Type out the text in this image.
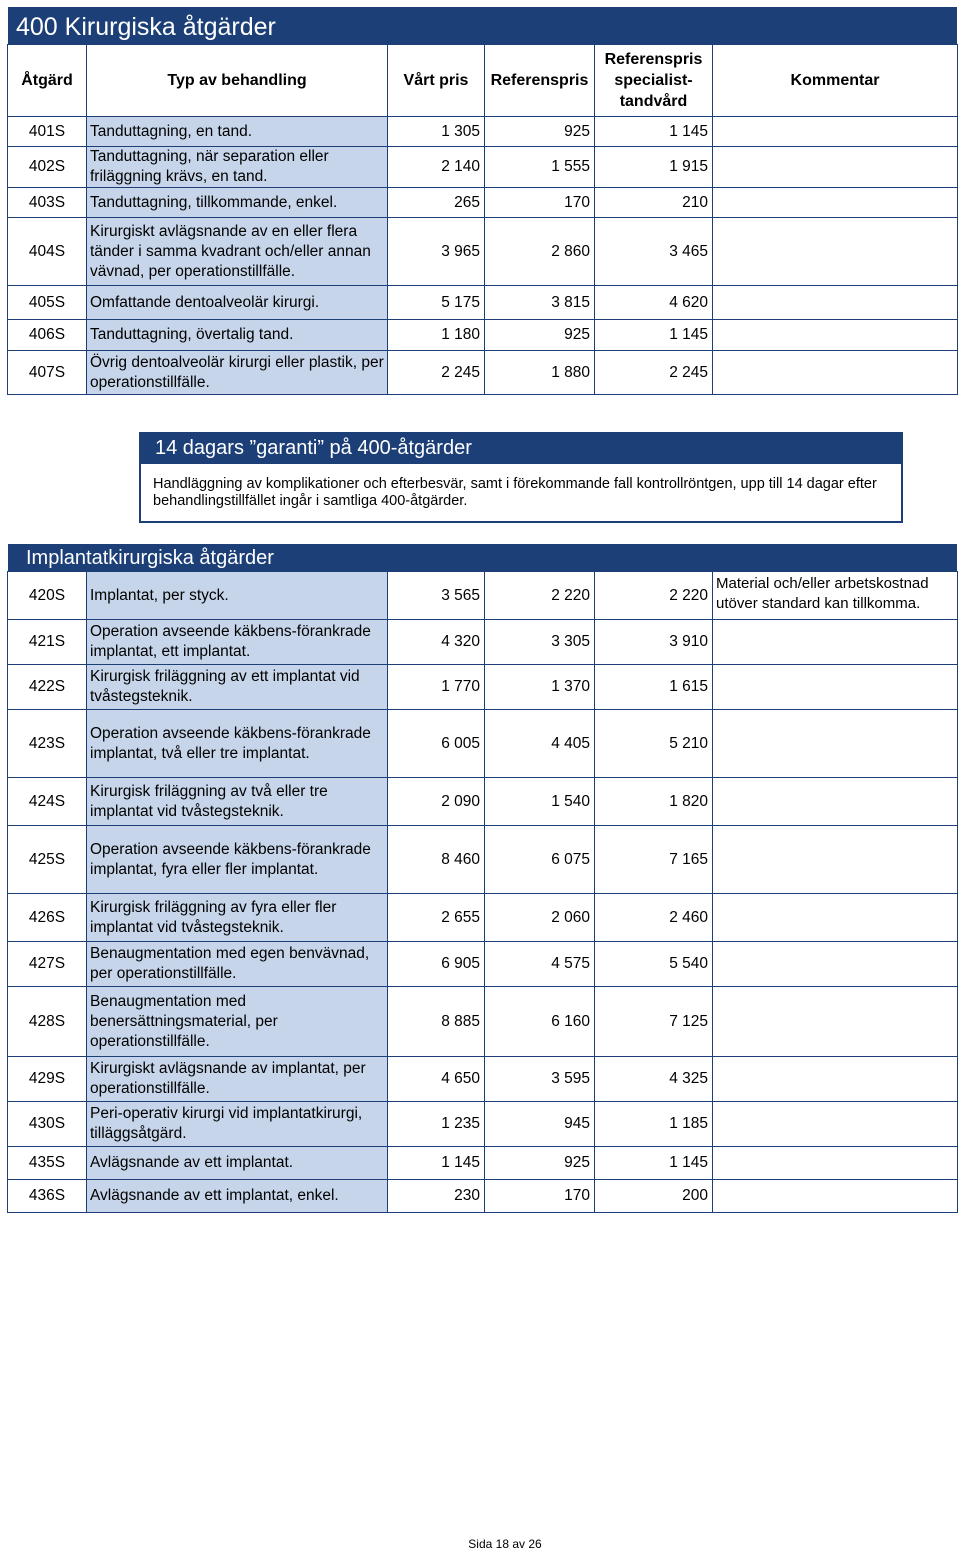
400 Kirurgiska åtgärder
Åtgärd	Typ av behandling	Vårt pris	Referenspris	Referenspris specialist-tandvård	Kommentar
401S	Tanduttagning, en tand.	1 305	925	1 145	
402S	Tanduttagning, när separation eller friläggning krävs, en tand.	2 140	1 555	1 915	
403S	Tanduttagning, tillkommande, enkel.	265	170	210	
404S	Kirurgiskt avlägsnande av en eller flera tänder i samma kvadrant och/eller annan vävnad, per operationstillfälle.	3 965	2 860	3 465	
405S	Omfattande dentoalveolär kirurgi.	5 175	3 815	4 620	
406S	Tanduttagning, övertalig tand.	1 180	925	1 145	
407S	Övrig dentoalveolär kirurgi eller plastik, per operationstillfälle.	2 245	1 880	2 245	
14 dagars ”garanti” på 400-åtgärder
Handläggning av komplikationer och efterbesvär, samt i förekommande fall kontrollröntgen, upp till 14 dagar efter behandlingstillfället ingår i samtliga 400-åtgärder.
Implantatkirurgiska åtgärder
420S	Implantat, per styck.	3 565	2 220	2 220	Material och/eller arbetskostnad utöver standard kan tillkomma.
421S	Operation avseende käkbens-förankrade implantat, ett implantat.	4 320	3 305	3 910	
422S	Kirurgisk friläggning av ett implantat vid tvåstegsteknik.	1 770	1 370	1 615	
423S	Operation avseende käkbens-förankrade implantat, två eller tre implantat.	6 005	4 405	5 210	
424S	Kirurgisk friläggning av två eller tre implantat vid tvåstegsteknik.	2 090	1 540	1 820	
425S	Operation avseende käkbens-förankrade implantat, fyra eller fler implantat.	8 460	6 075	7 165	
426S	Kirurgisk friläggning av fyra eller fler implantat vid tvåstegsteknik.	2 655	2 060	2 460	
427S	Benaugmentation med egen benvävnad, per operationstillfälle.	6 905	4 575	5 540	
428S	Benaugmentation med benersättningsmaterial, per operationstillfälle.	8 885	6 160	7 125	
429S	Kirurgiskt avlägsnande av implantat, per operationstillfälle.	4 650	3 595	4 325	
430S	Peri-operativ kirurgi vid implantatkirurgi, tilläggsåtgärd.	1 235	945	1 185	
435S	Avlägsnande av ett implantat.	1 145	925	1 145	
436S	Avlägsnande av ett implantat, enkel.	230	170	200	
Sida 18 av 26
